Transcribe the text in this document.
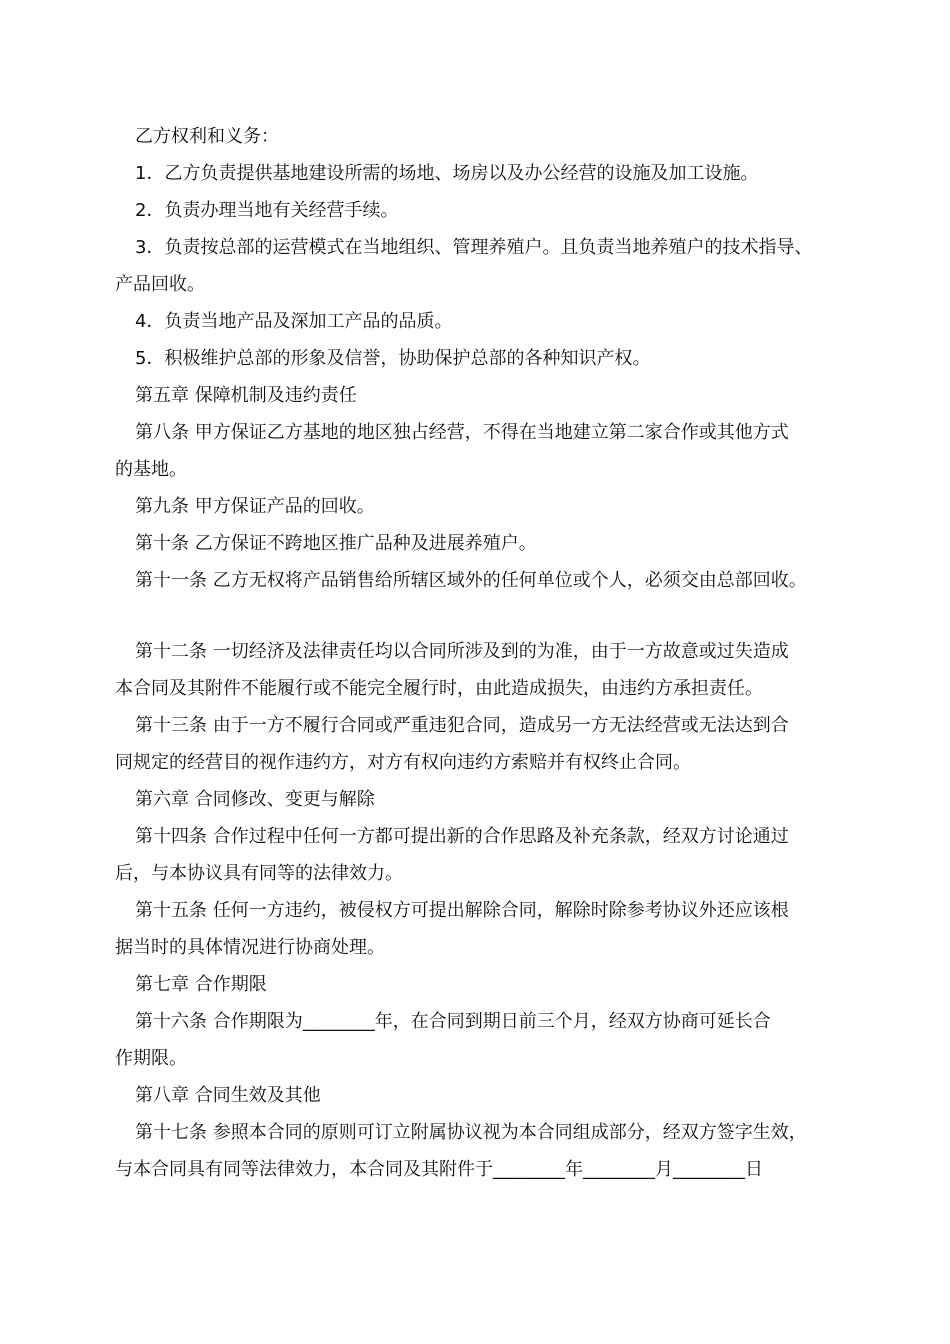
乙方权利和义务：

1．乙方负责提供基地建设所需的场地、场房以及办公经营的设施及加工设施。

2．负责办理当地有关经营手续。

3．负责按总部的运营模式在当地组织、管理养殖户。且负责当地养殖户的技术指导、

产品回收。

4．负责当地产品及深加工产品的品质。

5．积极维护总部的形象及信誉，协助保护总部的各种知识产权。

第五章 保障机制及违约责任

第八条 甲方保证乙方基地的地区独占经营，不得在当地建立第二家合作或其他方式

的基地。

第九条 甲方保证产品的回收。

第十条 乙方保证不跨地区推广品种及进展养殖户。

第十一条 乙方无权将产品销售给所辖区域外的任何单位或个人，必须交由总部回收。

第十二条 一切经济及法律责任均以合同所涉及到的为准，由于一方故意或过失造成

本合同及其附件不能履行或不能完全履行时，由此造成损失，由违约方承担责任。

第十三条 由于一方不履行合同或严重违犯合同，造成另一方无法经营或无法达到合

同规定的经营目的视作违约方，对方有权向违约方索赔并有权终止合同。

第六章 合同修改、变更与解除

第十四条 合作过程中任何一方都可提出新的合作思路及补充条款，经双方讨论通过

后，与本协议具有同等的法律效力。

第十五条 任何一方违约，被侵权方可提出解除合同，解除时除参考协议外还应该根

据当时的具体情况进行协商处理。

第七章 合作期限

第十六条 合作期限为________年，在合同到期日前三个月，经双方协商可延长合

作期限。

第八章 合同生效及其他

第十七条 参照本合同的原则可订立附属协议视为本合同组成部分，经双方签字生效，

与本合同具有同等法律效力，本合同及其附件于________年________月________日
